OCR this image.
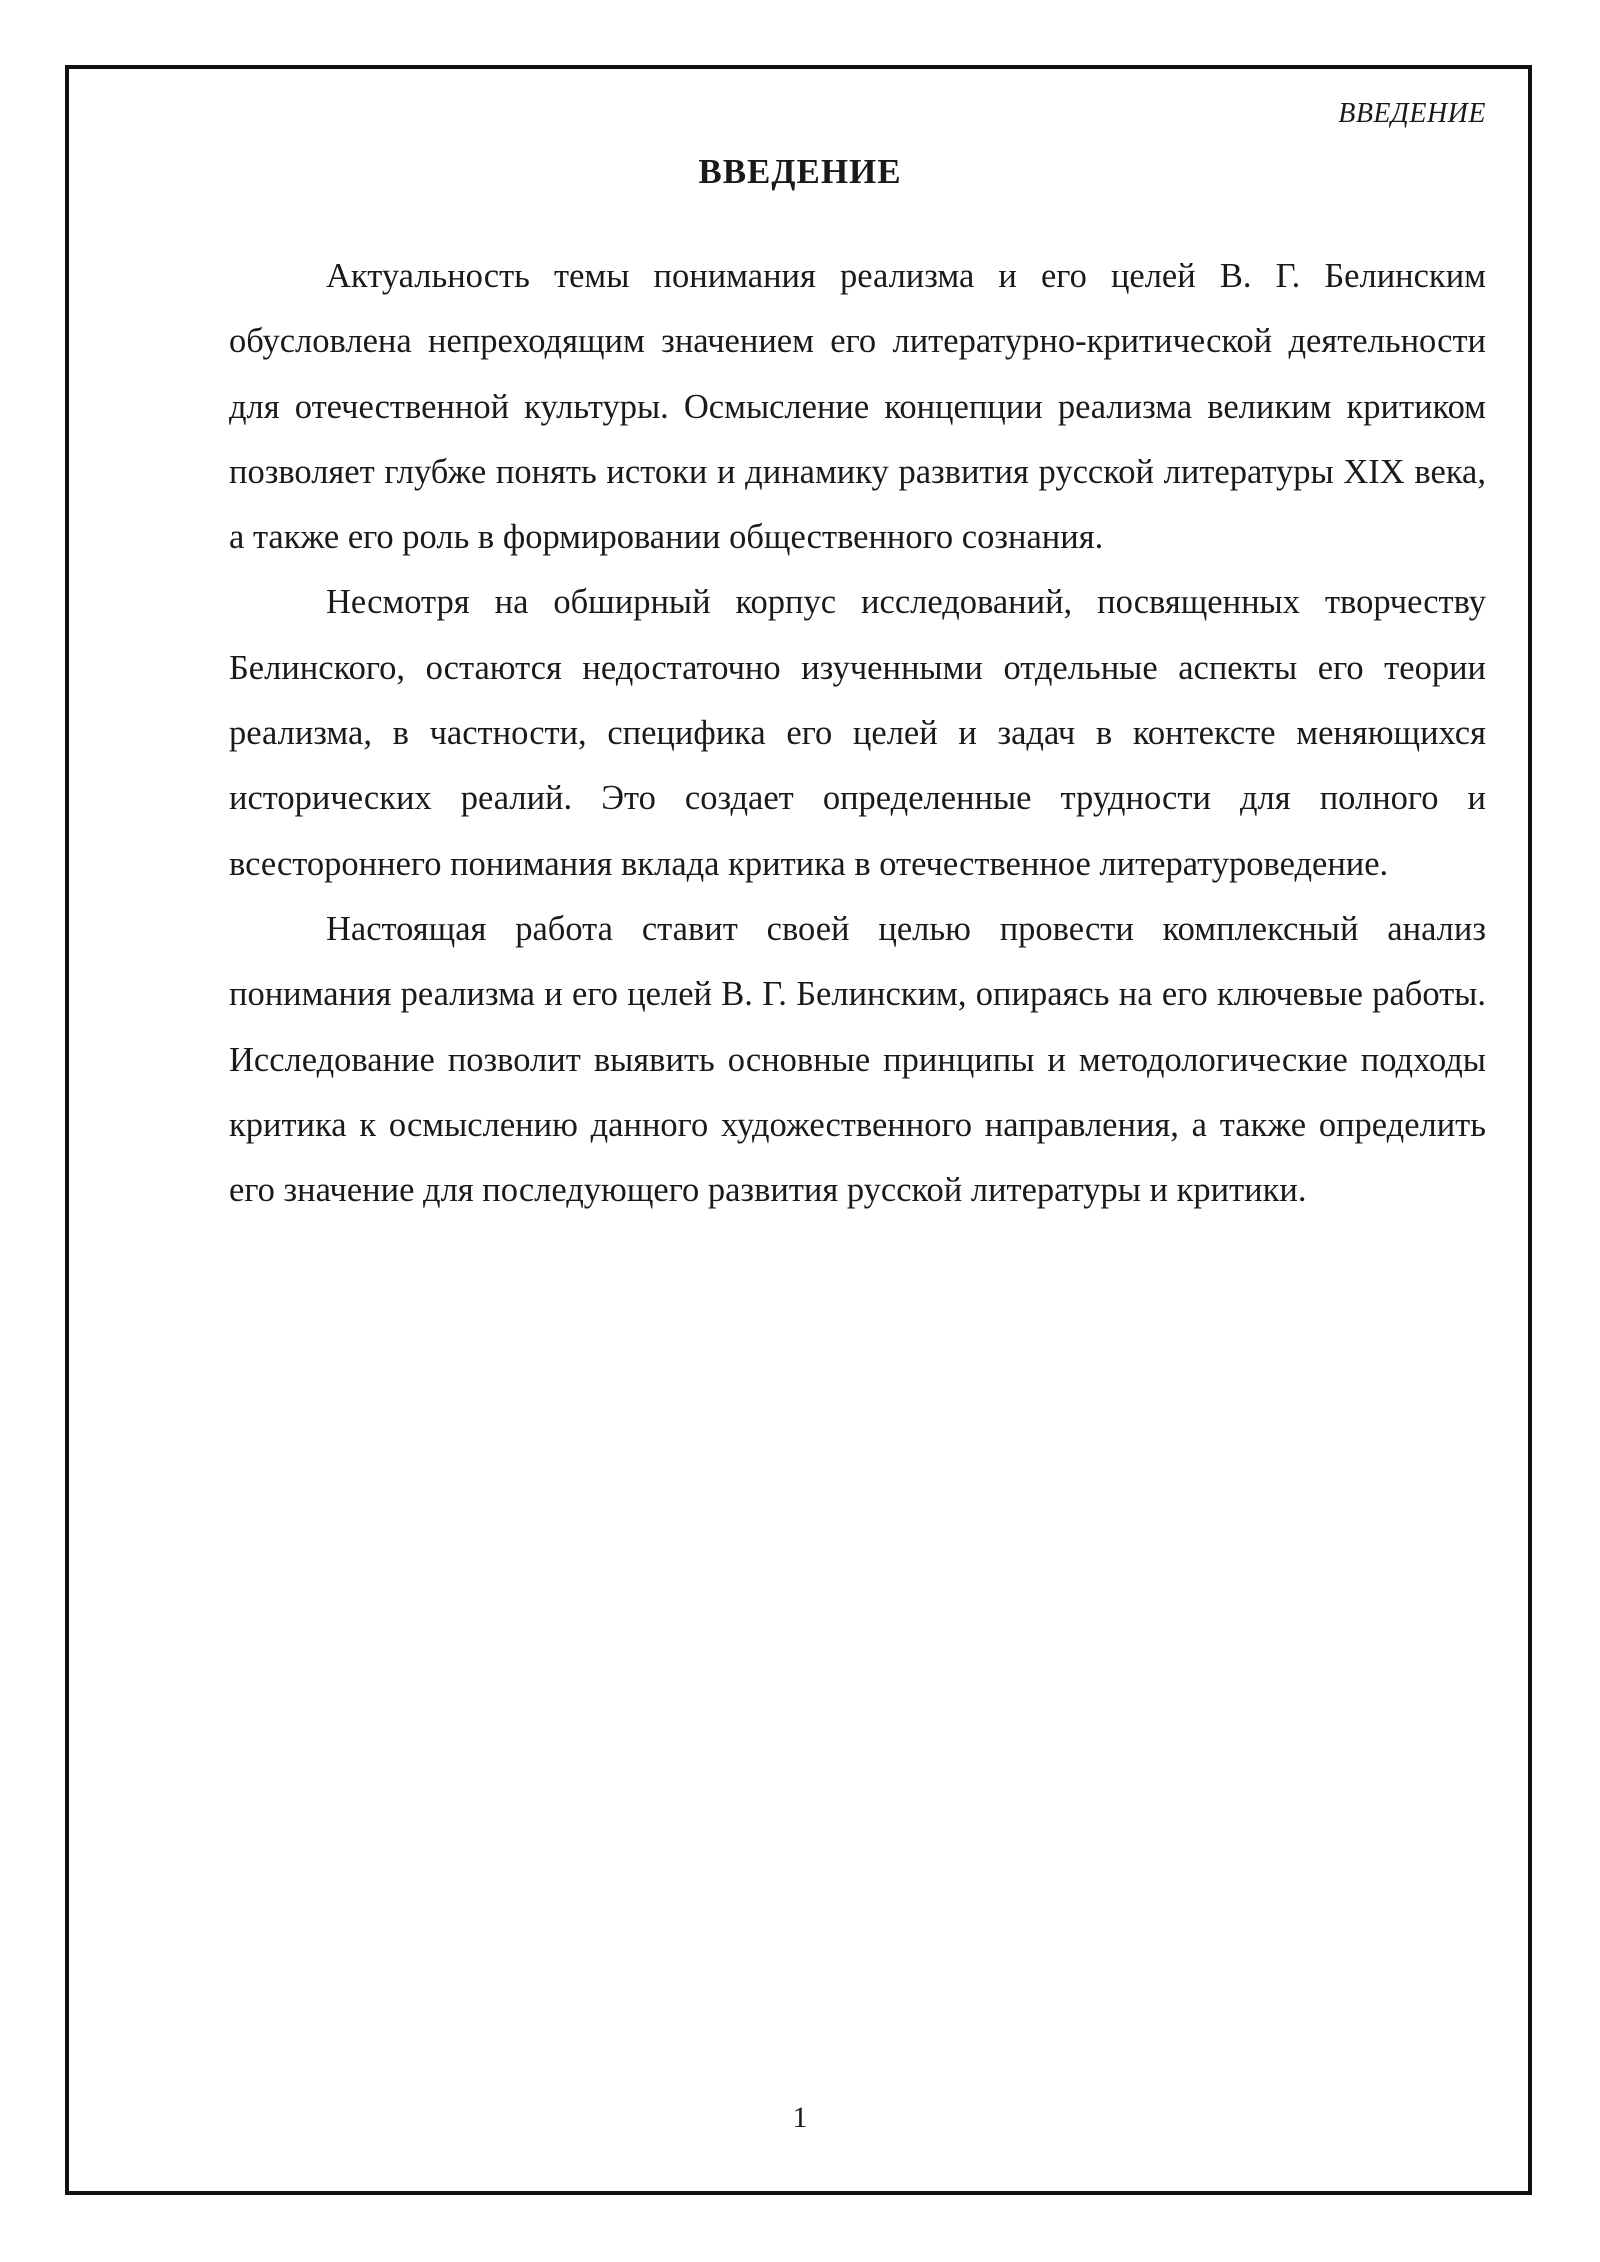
ВВЕДЕНИЕ
ВВЕДЕНИЕ

Актуальность темы понимания реализма и его целей В. Г. Белинским обусловлена непреходящим значением его литературно-критической деятельности для отечественной культуры. Осмысление концепции реализма великим критиком позволяет глубже понять истоки и динамику развития русской литературы XIX века, а также его роль в формировании общественного сознания.

Несмотря на обширный корпус исследований, посвященных творчеству Белинского, остаются недостаточно изученными отдельные аспекты его теории реализма, в частности, специфика его целей и задач в контексте меняющихся исторических реалий. Это создает определенные трудности для полного и всестороннего понимания вклада критика в отечественное литературоведение.

Настоящая работа ставит своей целью провести комплексный анализ понимания реализма и его целей В. Г. Белинским, опираясь на его ключевые работы. Исследование позволит выявить основные принципы и методологические подходы критика к осмыслению данного художественного направления, а также определить его значение для последующего развития русской литературы и критики.

1
